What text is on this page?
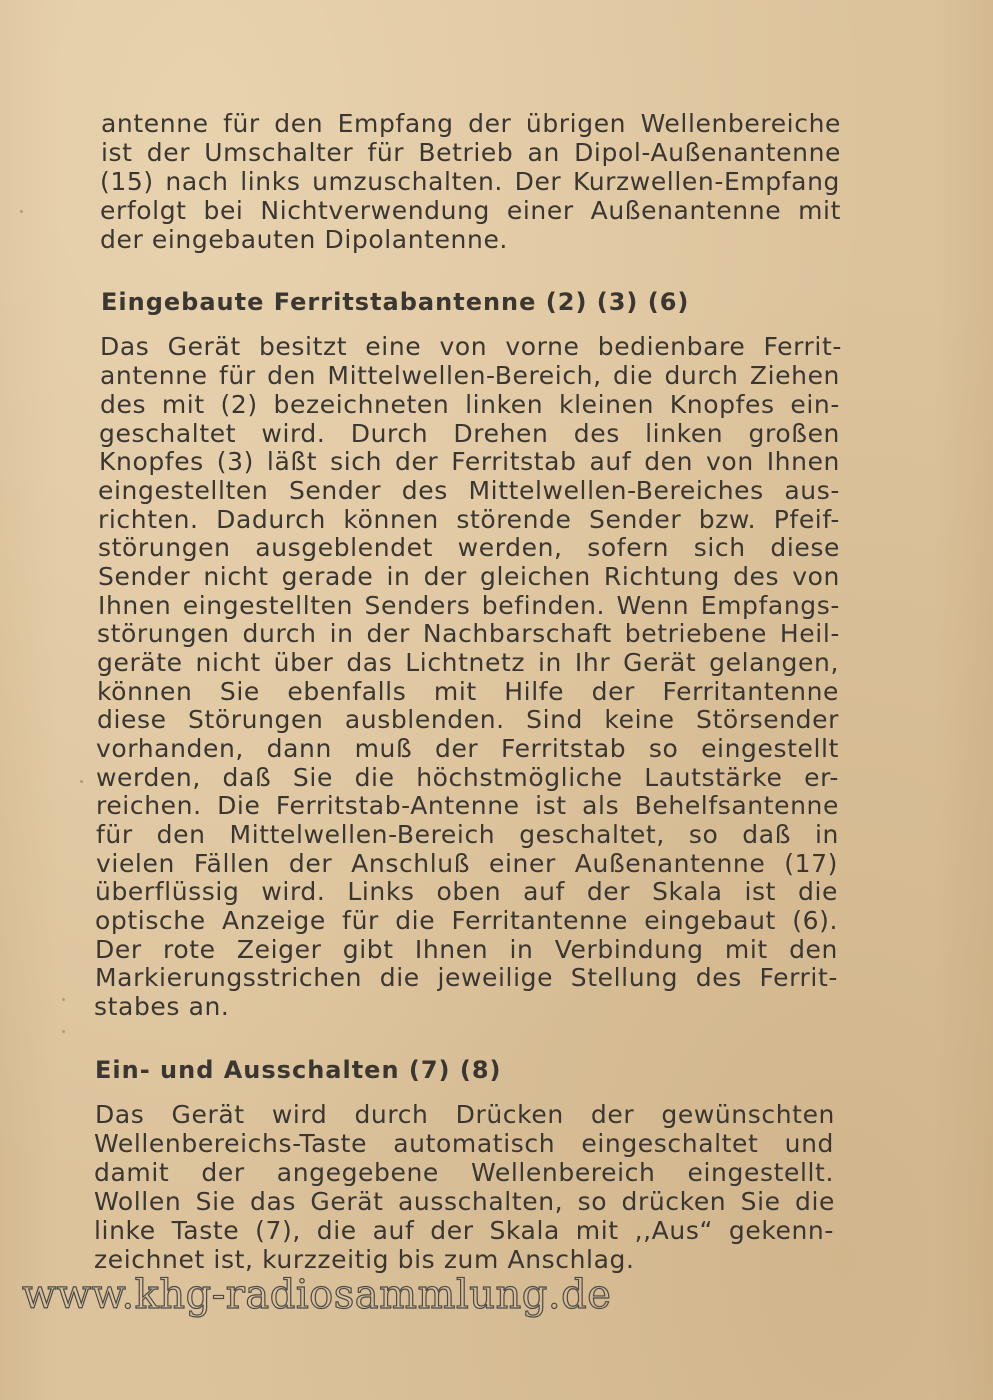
antenne für den Empfang der übrigen Wellenbereiche
ist der Umschalter für Betrieb an Dipol-Außenantenne
(15) nach links umzuschalten. Der Kurzwellen-Empfang
erfolgt bei Nichtverwendung einer Außenantenne mit
der eingebauten Dipolantenne.
Eingebaute Ferritstabantenne (2) (3) (6)
Das Gerät besitzt eine von vorne bedienbare Ferrit-
antenne für den Mittelwellen-Bereich, die durch Ziehen
des mit (2) bezeichneten linken kleinen Knopfes ein-
geschaltet wird. Durch Drehen des linken großen
Knopfes (3) läßt sich der Ferritstab auf den von Ihnen
eingestellten Sender des Mittelwellen-Bereiches aus-
richten. Dadurch können störende Sender bzw. Pfeif-
störungen ausgeblendet werden, sofern sich diese
Sender nicht gerade in der gleichen Richtung des von
Ihnen eingestellten Senders befinden. Wenn Empfangs-
störungen durch in der Nachbarschaft betriebene Heil-
geräte nicht über das Lichtnetz in Ihr Gerät gelangen,
können Sie ebenfalls mit Hilfe der Ferritantenne
diese Störungen ausblenden. Sind keine Störsender
vorhanden, dann muß der Ferritstab so eingestellt
werden, daß Sie die höchstmögliche Lautstärke er-
reichen. Die Ferritstab-Antenne ist als Behelfsantenne
für den Mittelwellen-Bereich geschaltet, so daß in
vielen Fällen der Anschluß einer Außenantenne (17)
überflüssig wird. Links oben auf der Skala ist die
optische Anzeige für die Ferritantenne eingebaut (6).
Der rote Zeiger gibt Ihnen in Verbindung mit den
Markierungsstrichen die jeweilige Stellung des Ferrit-
stabes an.
Ein- und Ausschalten (7) (8)
Das Gerät wird durch Drücken der gewünschten
Wellenbereichs-Taste automatisch eingeschaltet und
damit der angegebene Wellenbereich eingestellt.
Wollen Sie das Gerät ausschalten, so drücken Sie die
linke Taste (7), die auf der Skala mit ,,Aus“ gekenn-
zeichnet ist, kurzzeitig bis zum Anschlag.
www.khg-radiosammlung.de
